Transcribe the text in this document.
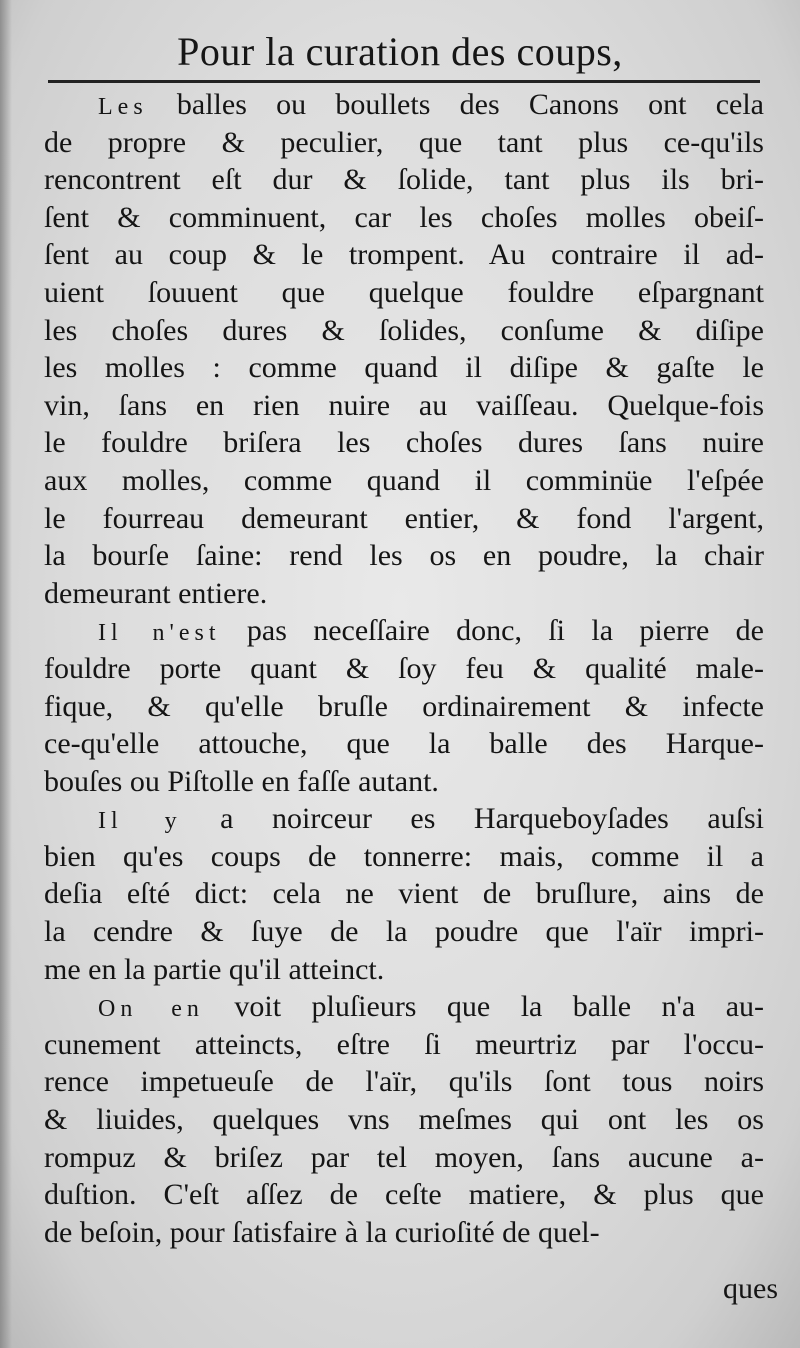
Pour la curation des coups,
Les balles ou boullets des Canons ont cela
de propre & peculier, que tant plus ce-qu'ils
rencontrent eſt dur & ſolide, tant plus ils bri-
ſent & comminuent, car les choſes molles obeiſ-
ſent au coup & le trompent. Au contraire il ad-
uient ſouuent que quelque fouldre eſpargnant
les choſes dures & ſolides, conſume & diſipe
les molles : comme quand il diſipe & gaſte le
vin, ſans en rien nuire au vaiſſeau. Quelque-fois
le fouldre briſera les choſes dures ſans nuire
aux molles, comme quand il comminüe l'eſpée
le fourreau demeurant entier, & fond l'argent,
la bourſe ſaine: rend les os en poudre, la chair
demeurant entiere.
Il n'est pas neceſſaire donc, ſi la pierre de
fouldre porte quant & ſoy feu & qualité male-
fique, & qu'elle bruſle ordinairement & infecte
ce-qu'elle attouche, que la balle des Harque-
bouſes ou Piſtolle en faſſe autant.
Il y a noirceur es Harqueboуſades auſsi
bien qu'es coups de tonnerre: mais, comme il a
deſia eſté dict: cela ne vient de bruſlure, ains de
la cendre & ſuye de la poudre que l'aïr impri-
me en la partie qu'il atteinct.
On en voit pluſieurs que la balle n'a au-
cunement atteincts, eſtre ſi meurtriz par l'occu-
rence impetueuſe de l'aïr, qu'ils ſont tous noirs
& liuides, quelques vns meſmes qui ont les os
rompuz & briſez par tel moyen, ſans aucune a-
duſtion. C'eſt aſſez de ceſte matiere, & plus que
de beſoin, pour ſatisfaire à la curioſité de quel-
ques
